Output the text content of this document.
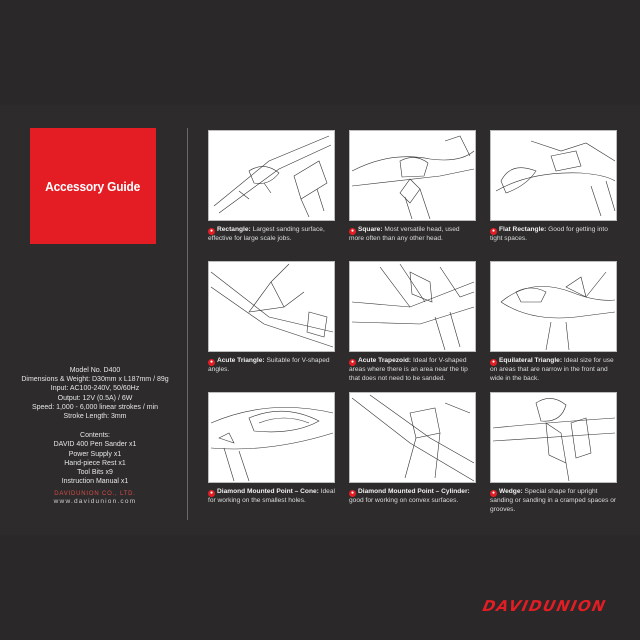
Accessory Guide
Model No. D400
Dimensions & Weight: D30mm x L187mm / 89g
Input: AC100-240V, 50/60Hz
Output: 12V (0.5A) / 6W
Speed: 1,000 - 6,000 linear strokes / min
Stroke Length: 3mm
Contents:
DAVID 400 Pen Sander x1
Power Supply x1
Hand-piece Rest x1
Tool Bits x9
Instruction Manual x1
DAVIDUNION CO., LTD.
www.davidunion.com
● Rectangle: Largest sanding surface, effective for large scale jobs.
● Square: Most versatile head, used more often than any other head.
● Flat Rectangle: Good for getting into tight spaces.
● Acute Triangle: Suitable for V-shaped angles.
● Acute Trapezoid: Ideal for V-shaped areas where there is an area near the tip that does not need to be sanded.
● Equilateral Triangle: Ideal size for use on areas that are narrow in the front and wide in the back.
● Diamond Mounted Point – Cone: Ideal for working on the smallest holes.
● Diamond Mounted Point – Cylinder: good for working on convex surfaces.
● Wedge: Special shape for upright sanding or sanding in a cramped spaces or grooves.
DAVIDUNION
